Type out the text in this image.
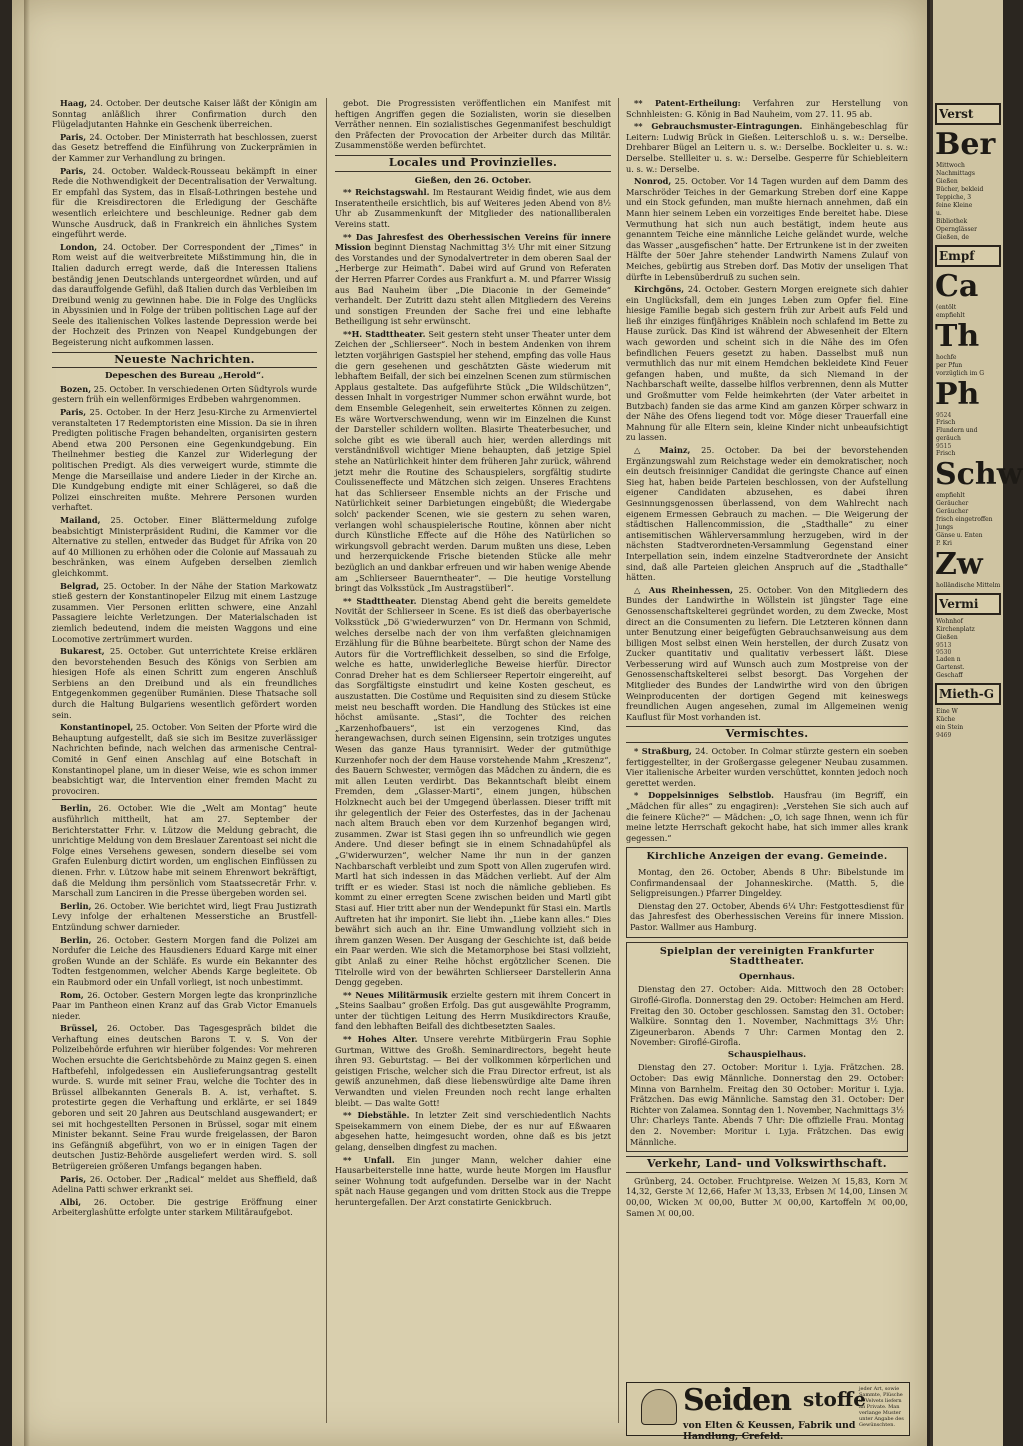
Haag, 24. October. Der deutsche Kaiser läßt der Königin am Sonntag anläßlich ihrer Confirmation durch den Flügeladjutanten Hahnke ein Geschenk überreichen.

Paris, 24. October. Der Ministerrath hat beschlossen, zuerst das Gesetz betreffend die Einführung von Zuckerprämien in der Kammer zur Verhandlung zu bringen.

Paris, 24. October. Waldeck-Rousseau bekämpft in einer Rede die Nothwendigkeit der Decentralisation der Verwaltung. Er empfahl das System, das in Elsaß-Lothringen bestehe und für die Kreisdirectoren die Erledigung der Geschäfte wesentlich erleichtere und beschleunige. Redner gab dem Wunsche Ausdruck, daß in Frankreich ein ähnliches System eingeführt werde.

London, 24. October. Der Correspondent der „Times“ in Rom weist auf die weitverbreitete Mißstimmung hin, die in Italien dadurch erregt werde, daß die Interessen Italiens beständig jenen Deutschlands untergeordnet würden, und auf das darauffolgende Gefühl, daß Italien durch das Verbleiben im Dreibund wenig zu gewinnen habe. Die in Folge des Unglücks in Abyssinien und in Folge der trüben politischen Lage auf der Seele des italienischen Volkes lastende Depression werde bei der Hochzeit des Prinzen von Neapel Kundgebungen der Begeisterung nicht aufkommen lassen.

Neueste Nachrichten.
Depeschen des Bureau „Herold“.

Bozen, 25. October. In verschiedenen Orten Südtyrols wurde gestern früh ein wellenförmiges Erdbeben wahrgenommen.

Paris, 25. October. In der Herz Jesu-Kirche zu Armenviertel veranstalteten 17 Redemptoristen eine Mission. Da sie in ihren Predigten politische Fragen behandelten, organisirten gestern Abend etwa 200 Personen eine Gegenkundgebung. Ein Theilnehmer bestieg die Kanzel zur Widerlegung der politischen Predigt. Als dies verweigert wurde, stimmte die Menge die Marseillaise und andere Lieder in der Kirche an. Die Kundgebung endigte mit einer Schlägerei, so daß die Polizei einschreiten mußte. Mehrere Personen wurden verhaftet.

Mailand, 25. October. Einer Blättermeldung zufolge beabsichtigt Ministerpräsident Rudini, die Kammer vor die Alternative zu stellen, entweder das Budget für Afrika von 20 auf 40 Millionen zu erhöhen oder die Colonie auf Massauah zu beschränken, was einem Aufgeben derselben ziemlich gleichkommt.

Belgrad, 25. October. In der Nähe der Station Markowatz stieß gestern der Konstantinopeler Eilzug mit einem Lastzuge zusammen. Vier Personen erlitten schwere, eine Anzahl Passagiere leichte Verletzungen. Der Materialschaden ist ziemlich bedeutend, indem die meisten Waggons und eine Locomotive zertrümmert wurden.

Bukarest, 25. October. Gut unterrichtete Kreise erklären den bevorstehenden Besuch des Königs von Serbien am hiesigen Hofe als einen Schritt zum engeren Anschluß Serbiens an den Dreibund und als ein freundliches Entgegenkommen gegenüber Rumänien. Diese Thatsache soll durch die Haltung Bulgariens wesentlich gefördert worden sein.

Konstantinopel, 25. October. Von Seiten der Pforte wird die Behauptung aufgestellt, daß sie sich im Besitze zuverlässiger Nachrichten befinde, nach welchen das armenische Central-Comité in Genf einen Anschlag auf eine Botschaft in Konstantinopel plane, um in dieser Weise, wie es schon immer beabsichtigt war, die Intervention einer fremden Macht zu provociren.

Berlin, 26. October. Wie die „Welt am Montag“ heute ausführlich mittheilt, hat am 27. September der Berichterstatter Frhr. v. Lützow die Meldung gebracht, die unrichtige Meldung von dem Breslauer Zarentoast sei nicht die Folge eines Versehens gewesen, sondern dieselbe sei vom Grafen Eulenburg dictirt worden, um englischen Einflüssen zu dienen. Frhr. v. Lützow habe mit seinem Ehrenwort bekräftigt, daß die Meldung ihm persönlich vom Staatssecretär Frhr. v. Marschall zum Lanciren in die Presse übergeben worden sei.

Berlin, 26. October. Wie berichtet wird, liegt Frau Justizrath Levy infolge der erhaltenen Messerstiche an Brustfell-Entzündung schwer darnieder.

Berlin, 26. October. Gestern Morgen fand die Polizei am Nordufer die Leiche des Hausdieners Eduard Karge mit einer großen Wunde an der Schläfe. Es wurde ein Bekannter des Todten festgenommen, welcher Abends Karge begleitete. Ob ein Raubmord oder ein Unfall vorliegt, ist noch unbestimmt.

Rom, 26. October. Gestern Morgen legte das kronprinzliche Paar im Pantheon einen Kranz auf das Grab Victor Emanuels nieder.

Brüssel, 26. October. Das Tagesgespräch bildet die Verhaftung eines deutschen Barons T. v. S. Von der Polizeibehörde erfuhren wir hierüber folgendes: Vor mehreren Wochen ersuchte die Gerichtsbehörde zu Mainz gegen S. einen Haftbefehl, infolgedessen ein Auslieferungsantrag gestellt wurde. S. wurde mit seiner Frau, welche die Tochter des in Brüssel allbekannten Generals B. A. ist, verhaftet. S. protestirte gegen die Verhaftung und erklärte, er sei 1849 geboren und seit 20 Jahren aus Deutschland ausgewandert; er sei mit hochgestellten Personen in Brüssel, sogar mit einem Minister bekannt. Seine Frau wurde freigelassen, der Baron ins Gefängniß abgeführt, von wo er in einigen Tagen der deutschen Justiz-Behörde ausgeliefert werden wird. S. soll Betrügereien größeren Umfangs begangen haben.

Paris, 26. October. Der „Radical“ meldet aus Sheffield, daß Adelina Patti schwer erkrankt sei.

Albi, 26. October. Die gestrige Eröffnung einer Arbeiterglashütte erfolgte unter starkem Militäraufgebot.

gebot. Die Progressisten veröffentlichen ein Manifest mit heftigen Angriffen gegen die Sozialisten, worin sie dieselben Verräther nennen. Ein sozialistisches Gegenmanifest beschuldigt den Präfecten der Provocation der Arbeiter durch das Militär. Zusammenstöße werden befürchtet.

Locales und Provinzielles.
Gießen, den 26. October.

** Reichstagswahl. Im Restaurant Weidig findet, wie aus dem Inseratentheile ersichtlich, bis auf Weiteres jeden Abend von 8½ Uhr ab Zusammenkunft der Mitglieder des nationalliberalen Vereins statt.

** Das Jahresfest des Oberhessischen Vereins für innere Mission beginnt Dienstag Nachmittag 3½ Uhr mit einer Sitzung des Vorstandes und der Synodalvertreter in dem oberen Saal der „Herberge zur Heimath“. Dabei wird auf Grund von Referaten der Herren Pfarrer Cordes aus Frankfurt a. M. und Pfarrer Wissig aus Bad Nauheim über „Die Diaconie in der Gemeinde“ verhandelt. Der Zutritt dazu steht allen Mitgliedern des Vereins und sonstigen Freunden der Sache frei und eine lebhafte Betheiligung ist sehr erwünscht.

**H. Stadttheater. Seit gestern steht unser Theater unter dem Zeichen der „Schlierseer“. Noch in bestem Andenken von ihrem letzten vorjährigen Gastspiel her stehend, empfing das volle Haus die gern gesehenen und geschätzten Gäste wiederum mit lebhaftem Beifall, der sich bei einzelnen Scenen zum stürmischen Applaus gestaltete. Das aufgeführte Stück „Die Wildschützen“, dessen Inhalt in vorgestriger Nummer schon erwähnt wurde, bot dem Ensemble Gelegenheit, sein erweitertes Können zu zeigen. Es wäre Wortverschwendung, wenn wir im Einzelnen die Kunst der Darsteller schildern wollten. Blasirte Theaterbesucher, und solche gibt es wie überall auch hier, werden allerdings mit verständnißvoll wichtiger Miene behaupten, daß jetzige Spiel stehe an Natürlichkeit hinter dem früheren Jahr zurück, während jetzt mehr die Routine des Schauspielers, sorgfältig studirte Coulisseneffecte und Mätzchen sich zeigen. Unseres Erachtens hat das Schlierseer Ensemble nichts an der Frische und Natürlichkeit seiner Darbietungen eingebüßt; die Wiedergabe solch' packender Scenen, wie sie gestern zu sehen waren, verlangen wohl schauspielerische Routine, können aber nicht durch Künstliche Effecte auf die Höhe des Natürlichen so wirkungsvoll gebracht werden. Darum mußten uns diese, Leben und herzerquickende Frische bietenden Stücke alle mehr bezüglich an und dankbar erfreuen und wir haben wenige Abende am „Schlierseer Bauerntheater“. — Die heutige Vorstellung bringt das Volksstück „Im Austragstüberl“.

** Stadttheater. Dienstag Abend geht die bereits gemeldete Novität der Schlierseer in Scene. Es ist dieß das oberbayerische Volksstück „Dö G'wiederwurzen“ von Dr. Hermann von Schmid, welches derselbe nach der von ihm verfaßten gleichnamigen Erzählung für die Bühne bearbeitete. Bürgt schon der Name des Autors für die Vortrefflichkeit desselben, so sind die Erfolge, welche es hatte, unwiderlegliche Beweise hierfür. Director Conrad Dreher hat es dem Schlierseer Repertoir eingereiht, auf das Sorgfältigste einstudirt und keine Kosten gescheut, es auszustatten. Die Costüme und Requisiten sind zu diesem Stücke meist neu beschafft worden. Die Handlung des Stückes ist eine höchst amüsante. „Stasi“, die Tochter des reichen „Karzenhofbauers“, ist ein verzogenes Kind, das herangewachsen, durch seinen Eigensinn, sein trotziges ungutes Wesen das ganze Haus tyrannisirt. Weder der gutmüthige Kurzenhofer noch der dem Hause vorstehende Mahm „Kreszenz“, des Bauern Schwester, vermögen das Mädchen zu ändern, die es mit allen Leuten verdirbt. Das Bekanntschaft bleibt einem Fremden, dem „Glasser-Marti“, einem jungen, hübschen Holzknecht auch bei der Umgegend überlassen. Dieser trifft mit ihr gelegentlich der Feier des Osterfestes, das in der Jachenau nach altem Brauch eben vor dem Kurzenhof begangen wird, zusammen. Zwar ist Stasi gegen ihn so unfreundlich wie gegen Andere. Und dieser befingt sie in einem Schnadahüpfel als „G'widerwurzen“, welcher Name ihr nun in der ganzen Nachbarschaft verbleibt und zum Spott von Allen zugerufen wird. Martl hat sich indessen in das Mädchen verliebt. Auf der Alm trifft er es wieder. Stasi ist noch die nämliche geblieben. Es kommt zu einer erregten Scene zwischen beiden und Martl gibt Stasi auf. Hier tritt aber nun der Wendepunkt für Stasi ein. Martls Auftreten hat ihr imponirt. Sie liebt ihn. „Liebe kann alles.“ Dies bewährt sich auch an ihr. Eine Umwandlung vollzieht sich in ihrem ganzen Wesen. Der Ausgang der Geschichte ist, daß beide ein Paar werden. Wie sich die Metamorphose bei Stasi vollzieht, gibt Anlaß zu einer Reihe höchst ergötzlicher Scenen. Die Titelrolle wird von der bewährten Schlierseer Darstellerin Anna Dengg gegeben.

** Neues Militärmusik erzielte gestern mit ihrem Concert in „Steins Saalbau“ großen Erfolg. Das gut ausgewählte Programm, unter der tüchtigen Leitung des Herrn Musikdirectors Krauße, fand den lebhaften Beifall des dichtbesetzten Saales.

** Hohes Alter. Unsere verehrte Mitbürgerin Frau Sophie Gurtman, Wittwe des Großh. Seminardirectors, begeht heute ihren 93. Geburtstag. — Bei der vollkommen körperlichen und geistigen Frische, welcher sich die Frau Director erfreut, ist als gewiß anzunehmen, daß diese liebenswürdige alte Dame ihren Verwandten und vielen Freunden noch recht lange erhalten bleibt. — Das walte Gott!

** Diebstähle. In letzter Zeit sind verschiedentlich Nachts Speisekammern von einem Diebe, der es nur auf Eßwaaren abgesehen hatte, heimgesucht worden, ohne daß es bis jetzt gelang, denselben dingfest zu machen.

** Unfall. Ein junger Mann, welcher dahier eine Hausarbeiterstelle inne hatte, wurde heute Morgen im Hausflur seiner Wohnung todt aufgefunden. Derselbe war in der Nacht spät nach Hause gegangen und vom dritten Stock aus die Treppe heruntergefallen. Der Arzt constatirte Genickbruch.

** Patent-Ertheilung: Verfahren zur Herstellung von Schnhleisten: G. König in Bad Nauheim, vom 27. 11. 95 ab.

** Gebrauchsmuster-Eintragungen. Einhängebeschlag für Leitern: Ludwig Brück in Gießen. Leiterschloß u. s. w.: Derselbe. Drehbarer Bügel an Leitern u. s. w.: Derselbe. Bockleiter u. s. w.: Derselbe. Stellleiter u. s. w.: Derselbe. Gesperre für Schiebleitern u. s. w.: Derselbe.

Nonrod, 25. October. Vor 14 Tagen wurden auf dem Damm des Marschröder Teiches in der Gemarkung Streben dorf eine Kappe und ein Stock gefunden, man mußte hiernach annehmen, daß ein Mann hier seinem Leben ein vorzeitiges Ende bereitet habe. Diese Vermuthung hat sich nun auch bestätigt, indem heute aus genanntem Teiche eine männliche Leiche geländet wurde, welche das Wasser „ausgefischen“ hatte. Der Ertrunkene ist in der zweiten Hälfte der 50er Jahre stehender Landwirth Namens Zulauf von Meiches, gebürtig aus Streben dorf. Das Motiv der unseligen That dürfte in Lebensüberdruß zu suchen sein.

Kirchgöns, 24. October. Gestern Morgen ereignete sich dahier ein Unglücksfall, dem ein junges Leben zum Opfer fiel. Eine hiesige Familie begab sich gestern früh zur Arbeit aufs Feld und ließ ihr einziges fünfjähriges Knäblein noch schlafend im Bette zu Hause zurück. Das Kind ist während der Abwesenheit der Eltern wach geworden und scheint sich in die Nähe des im Ofen befindlichen Feuers gesetzt zu haben. Dasselbst muß nun vermuthlich das nur mit einem Hemdchen bekleidete Kind Feuer gefangen haben, und mußte, da sich Niemand in der Nachbarschaft weilte, dasselbe hilflos verbrennen, denn als Mutter und Großmutter vom Felde heimkehrten (der Vater arbeitet in Butzbach) fanden sie das arme Kind am ganzen Körper schwarz in der Nähe des Ofens liegend todt vor. Möge dieser Trauerfall eine Mahnung für alle Eltern sein, kleine Kinder nicht unbeaufsichtigt zu lassen.

△ Mainz, 25. October. Da bei der bevorstehenden Ergänzungswahl zum Reichstage weder ein demokratischer, noch ein deutsch freisinniger Candidat die geringste Chance auf einen Sieg hat, haben beide Parteien beschlossen, von der Aufstellung eigener Candidaten abzusehen, es dabei ihren Gesinnungsgenossen überlassend, von dem Wahlrecht nach eigenem Ermessen Gebrauch zu machen. — Die Weigerung der städtischen Hallencommission, die „Stadthalle“ zu einer antisemitischen Wählerversammlung herzugeben, wird in der nächsten Stadtverordneten-Versammlung Gegenstand einer Interpellation sein, indem einzelne Stadtverordnete der Ansicht sind, daß alle Parteien gleichen Anspruch auf die „Stadthalle“ hätten.

△ Aus Rheinhessen, 25. October. Von den Mitgliedern des Bundes der Landwirthe in Wöllstein ist jüngster Tage eine Genossenschaftskelterei gegründet worden, zu dem Zwecke, Most direct an die Consumenten zu liefern. Die Letzteren können dann unter Benutzung einer beigefügten Gebrauchsanweisung aus dem billigen Most selbst einen Wein herstellen, der durch Zusatz von Zucker quantitativ und qualitativ verbessert läßt. Diese Verbesserung wird auf Wunsch auch zum Mostpreise von der Genossenschaftskelterei selbst besorgt. Das Vorgehen der Mitglieder des Bundes der Landwirthe wird von den übrigen Weinproducenten der dortigen Gegend mit keineswegs freundlichen Augen angesehen, zumal im Allgemeinen wenig Kauflust für Most vorhanden ist.

Vermischtes.

* Straßburg, 24. October. In Colmar stürzte gestern ein soeben fertiggestellter, in der Großergasse gelegener Neubau zusammen. Vier italienische Arbeiter wurden verschüttet, konnten jedoch noch gerettet werden.

* Doppelsinniges Selbstlob. Hausfrau (im Begriff, ein „Mädchen für alles“ zu engagiren): „Verstehen Sie sich auch auf die feinere Küche?“ — Mädchen: „O, ich sage Ihnen, wenn ich für meine letzte Herrschaft gekocht habe, hat sich immer alles krank gegessen.“

Kirchliche Anzeigen der evang. Gemeinde.

Montag, den 26. October, Abends 8 Uhr: Bibelstunde im Confirmandensaal der Johanneskirche. (Matth. 5, die Seligpreisungen.) Pfarrer Dingeldey.

Dienstag den 27. October, Abends 6¼ Uhr: Festgottesdienst für das Jahresfest des Oberhessischen Vereins für innere Mission. Pastor. Wallmer aus Hamburg.

Spielplan der vereinigten Frankfurter Stadttheater.
Opernhaus.

Dienstag den 27. October: Aida. Mittwoch den 28 October: Giroflé-Girofla. Donnerstag den 29. October: Heimchen am Herd. Freitag den 30. October geschlossen. Samstag den 31. October: Walküre. Sonntag den 1. November, Nachmittags 3½ Uhr: Zigeunerbaron. Abends 7 Uhr: Carmen Montag den 2. November: Giroflé-Girofla.

Schauspielhaus.

Dienstag den 27. October: Moritur i. Lyja. Frätzchen. 28. October: Das ewig Männliche. Donnerstag den 29. October: Minna von Barnhelm. Freitag den 30 October: Moritur i. Lyja. Frätzchen. Das ewig Männliche. Samstag den 31. October: Der Richter von Zalamea. Sonntag den 1. November, Nachmittags 3½ Uhr: Charleys Tante. Abends 7 Uhr: Die offizielle Frau. Montag den 2. November: Moritur i. Lyja. Frätzchen. Das ewig Männliche.

Verkehr, Land- und Volkswirthschaft.

Grünberg, 24. October. Fruchtpreise. Weizen ℳ 15,83, Korn ℳ 14,32, Gerste ℳ 12,66, Hafer ℳ 13,33, Erbsen ℳ 14,00, Linsen ℳ 00,00, Wicken ℳ 00,00, Butter ℳ 00,00, Kartoffeln ℳ 00,00, Samen ℳ 00,00.

Seiden stoffe
jeder Art, sowie Sammte, Plüsche u. Velvets liefern an Private. Man verlange Muster unter Angabe des Gewünschten.
von Elten & Keussen, Fabrik und Handlung, Crefeld.
Verst
Ber
Mittwoch
Nachmittags
Gießen
Bücher, bekleid
Teppiche, 3
feine Kleine
u.
Bibliothek
Opernglässer
Gießen, de
Empf
Ca
(entölt
empfiehlt
Th
hochfe
per Pfun
vorzüglich im G
Ph
9524
Frisch
Flundern und
geräuch
9515
Frisch
Schw
empfiehlt
Geräucher
Geräucher
frisch eingetroffen
Jungs
Gänse u. Enten
P. Kri
Zw
holländische Mittelm
Vermi
Wohnhof
Kirchenplatz
Gießen
9513
9530
Laden n
Gartenst.
Geschaff
Mieth-G
Eine W
Küche
ein Stein
9469
